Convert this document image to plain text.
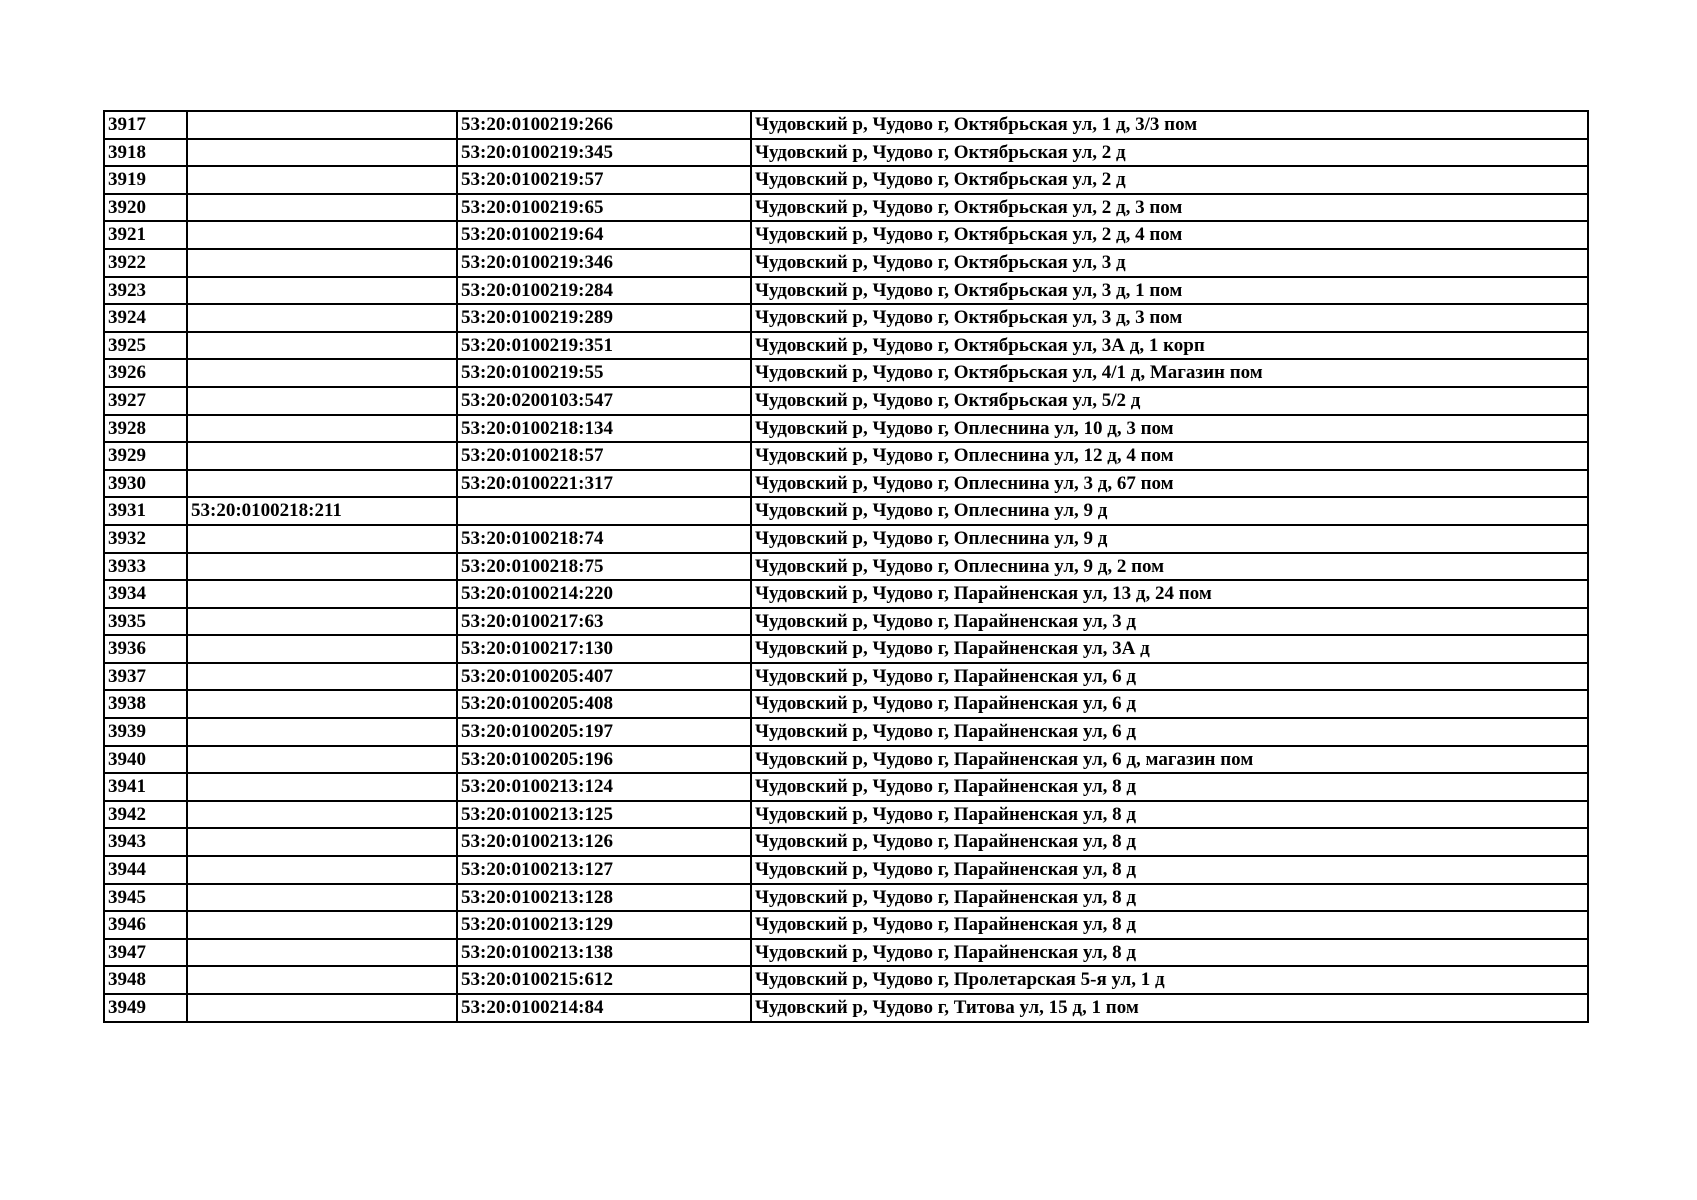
3917		53:20:0100219:266	Чудовский р, Чудово г, Октябрьская ул, 1 д, 3/3 пом
3918		53:20:0100219:345	Чудовский р, Чудово г, Октябрьская ул, 2 д
3919		53:20:0100219:57	Чудовский р, Чудово г, Октябрьская ул, 2 д
3920		53:20:0100219:65	Чудовский р, Чудово г, Октябрьская ул, 2 д, 3 пом
3921		53:20:0100219:64	Чудовский р, Чудово г, Октябрьская ул, 2 д, 4 пом
3922		53:20:0100219:346	Чудовский р, Чудово г, Октябрьская ул, 3 д
3923		53:20:0100219:284	Чудовский р, Чудово г, Октябрьская ул, 3 д, 1 пом
3924		53:20:0100219:289	Чудовский р, Чудово г, Октябрьская ул, 3 д, 3 пом
3925		53:20:0100219:351	Чудовский р, Чудово г, Октябрьская ул, 3А д, 1 корп
3926		53:20:0100219:55	Чудовский р, Чудово г, Октябрьская ул, 4/1 д, Магазин пом
3927		53:20:0200103:547	Чудовский р, Чудово г, Октябрьская ул, 5/2 д
3928		53:20:0100218:134	Чудовский р, Чудово г, Оплеснина ул, 10 д, 3 пом
3929		53:20:0100218:57	Чудовский р, Чудово г, Оплеснина ул, 12 д, 4 пом
3930		53:20:0100221:317	Чудовский р, Чудово г, Оплеснина ул, 3 д, 67 пом
3931	53:20:0100218:211		Чудовский р, Чудово г, Оплеснина ул, 9 д
3932		53:20:0100218:74	Чудовский р, Чудово г, Оплеснина ул, 9 д
3933		53:20:0100218:75	Чудовский р, Чудово г, Оплеснина ул, 9 д, 2 пом
3934		53:20:0100214:220	Чудовский р, Чудово г, Парайненская ул, 13 д, 24 пом
3935		53:20:0100217:63	Чудовский р, Чудово г, Парайненская ул, 3 д
3936		53:20:0100217:130	Чудовский р, Чудово г, Парайненская ул, 3А д
3937		53:20:0100205:407	Чудовский р, Чудово г, Парайненская ул, 6 д
3938		53:20:0100205:408	Чудовский р, Чудово г, Парайненская ул, 6 д
3939		53:20:0100205:197	Чудовский р, Чудово г, Парайненская ул, 6 д
3940		53:20:0100205:196	Чудовский р, Чудово г, Парайненская ул, 6 д, магазин пом
3941		53:20:0100213:124	Чудовский р, Чудово г, Парайненская ул, 8 д
3942		53:20:0100213:125	Чудовский р, Чудово г, Парайненская ул, 8 д
3943		53:20:0100213:126	Чудовский р, Чудово г, Парайненская ул, 8 д
3944		53:20:0100213:127	Чудовский р, Чудово г, Парайненская ул, 8 д
3945		53:20:0100213:128	Чудовский р, Чудово г, Парайненская ул, 8 д
3946		53:20:0100213:129	Чудовский р, Чудово г, Парайненская ул, 8 д
3947		53:20:0100213:138	Чудовский р, Чудово г, Парайненская ул, 8 д
3948		53:20:0100215:612	Чудовский р, Чудово г, Пролетарская 5-я ул, 1 д
3949		53:20:0100214:84	Чудовский р, Чудово г, Титова ул, 15 д, 1 пом
